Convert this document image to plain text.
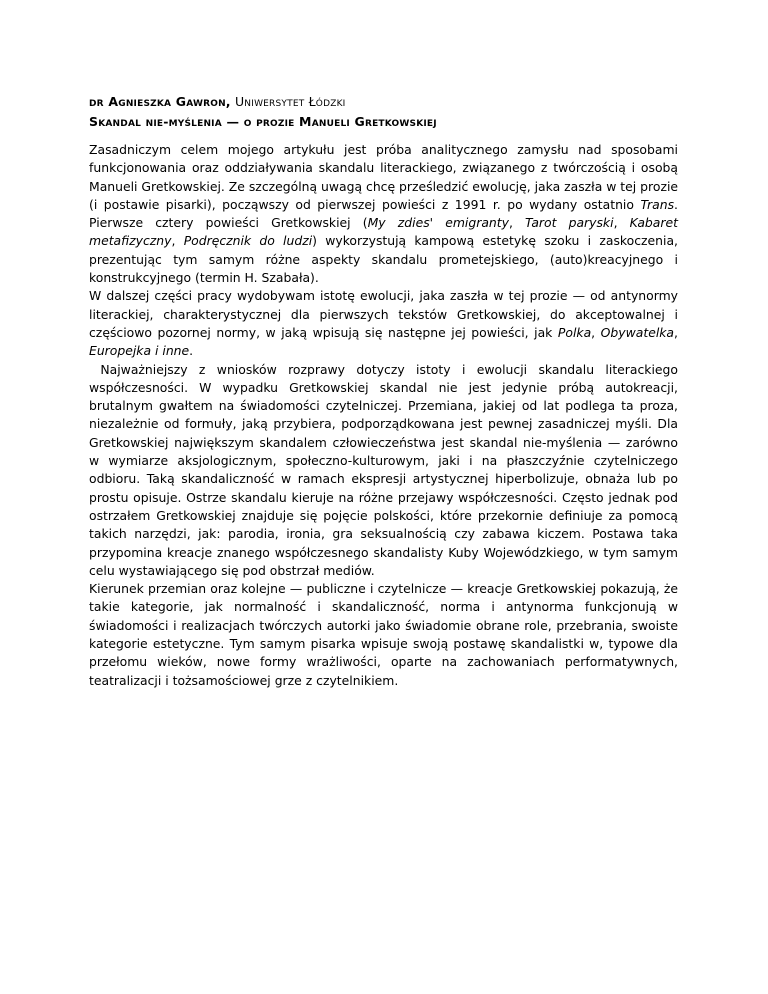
dr Agnieszka Gawron, Uniwersytet Łódzki
Skandal nie-myślenia — o prozie Manueli Gretkowskiej

Zasadniczym celem mojego artykułu jest próba analitycznego zamysłu nad sposobami funkcjonowania oraz oddziaływania skandalu literackiego, związanego z twórczością i osobą Manueli Gretkowskiej. Ze szczególną uwagą chcę prześledzić ewolucję, jaka zaszła w tej prozie (i postawie pisarki), począwszy od pierwszej powieści z 1991 r. po wydany ostatnio Trans. Pierwsze cztery powieści Gretkowskiej (My zdies' emigranty, Tarot paryski, Kabaret metafizyczny, Podręcznik do ludzi) wykorzystują kampową estetykę szoku i zaskoczenia, prezentując tym samym różne aspekty skandalu prometejskiego, (auto)kreacyjnego i konstrukcyjnego (termin H. Szabała).

W dalszej części pracy wydobywam istotę ewolucji, jaka zaszła w tej prozie — od antynormy literackiej, charakterystycznej dla pierwszych tekstów Gretkowskiej, do akceptowalnej i częściowo pozornej normy, w jaką wpisują się następne jej powieści, jak Polka, Obywatelka, Europejka i inne.

Najważniejszy z wniosków rozprawy dotyczy istoty i ewolucji skandalu literackiego współczesności. W wypadku Gretkowskiej skandal nie jest jedynie próbą autokreacji, brutalnym gwałtem na świadomości czytelniczej. Przemiana, jakiej od lat podlega ta proza, niezależnie od formuły, jaką przybiera, podporządkowana jest pewnej zasadniczej myśli. Dla Gretkowskiej największym skandalem człowieczeństwa jest skandal nie-myślenia — zarówno w wymiarze aksjologicznym, społeczno-kulturowym, jaki i na płaszczyźnie czytelniczego odbioru. Taką skandaliczność w ramach ekspresji artystycznej hiperbolizuje, obnaża lub po prostu opisuje. Ostrze skandalu kieruje na różne przejawy współczesności. Często jednak pod ostrzałem Gretkowskiej znajduje się pojęcie polskości, które przekornie definiuje za pomocą takich narzędzi, jak: parodia, ironia, gra seksualnością czy zabawa kiczem. Postawa taka przypomina kreacje znanego współczesnego skandalisty Kuby Wojewódzkiego, w tym samym celu wystawiającego się pod obstrzał mediów.

Kierunek przemian oraz kolejne — publiczne i czytelnicze — kreacje Gretkowskiej pokazują, że takie kategorie, jak normalność i skandaliczność, norma i antynorma funkcjonują w świadomości i realizacjach twórczych autorki jako świadomie obrane role, przebrania, swoiste kategorie estetyczne. Tym samym pisarka wpisuje swoją postawę skandalistki w, typowe dla przełomu wieków, nowe formy wrażliwości, oparte na zachowaniach performatywnych, teatralizacji i tożsamościowej grze z czytelnikiem.
